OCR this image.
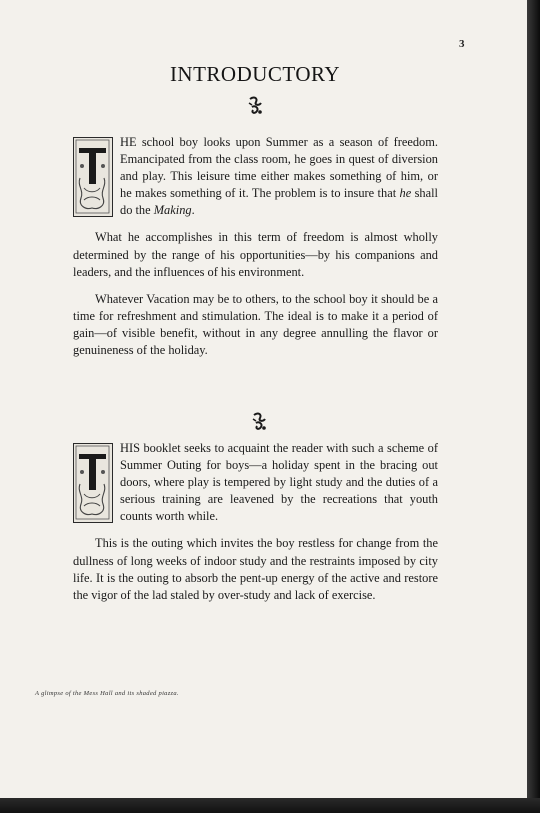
3
INTRODUCTORY

HE school boy looks upon Summer as a season of freedom. Emancipated from the class room, he goes in quest of diversion and play. This leisure time either makes something of him, or he makes something of it. The problem is to insure that he shall do the Making.

What he accomplishes in this term of freedom is almost wholly determined by the range of his opportunities—by his companions and leaders, and the influences of his environment.

Whatever Vacation may be to others, to the school boy it should be a time for refreshment and stimulation. The ideal is to make it a period of gain—of visible benefit, without in any degree annulling the flavor or genuineness of the holiday.

HIS booklet seeks to acquaint the reader with such a scheme of Summer Outing for boys—a holiday spent in the bracing out doors, where play is tempered by light study and the duties of a serious training are leavened by the recreations that youth counts worth while.

This is the outing which invites the boy restless for change from the dullness of long weeks of indoor study and the restraints imposed by city life. It is the outing to absorb the pent-up energy of the active and restore the vigor of the lad staled by over-study and lack of exercise.

A glimpse of the Mess Hall and its shaded piazza.
